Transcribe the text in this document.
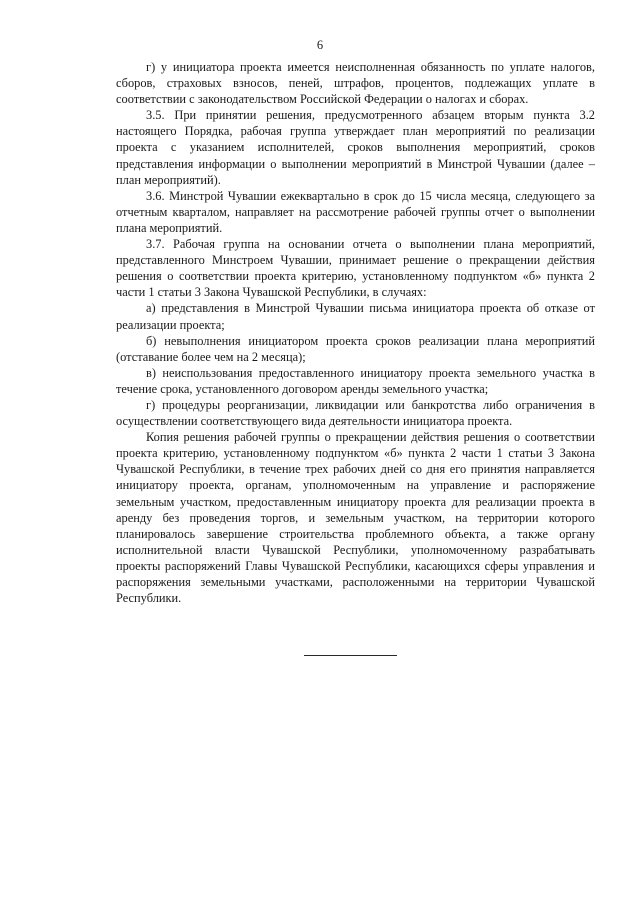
6

г) у инициатора проекта имеется неисполненная обязанность по уплате налогов, сборов, страховых взносов, пеней, штрафов, процентов, подлежащих уплате в соответствии с законодательством Российской Федерации о налогах и сборах.

3.5. При принятии решения, предусмотренного абзацем вторым пункта 3.2 настоящего Порядка, рабочая группа утверждает план мероприятий по реализации проекта с указанием исполнителей, сроков выполнения мероприятий, сроков представления информации о выполнении мероприятий в Минстрой Чувашии (далее – план мероприятий).

3.6. Минстрой Чувашии ежеквартально в срок до 15 числа месяца, следующего за отчетным кварталом, направляет на рассмотрение рабочей группы отчет о выполнении плана мероприятий.

3.7. Рабочая группа на основании отчета о выполнении плана мероприятий, представленного Минстроем Чувашии, принимает решение о прекращении действия решения о соответствии проекта критерию, установленному подпунктом «б» пункта 2 части 1 статьи 3 Закона Чувашской Республики, в случаях:

а) представления в Минстрой Чувашии письма инициатора проекта об отказе от реализации проекта;

б) невыполнения инициатором проекта сроков реализации плана мероприятий (отставание более чем на 2 месяца);

в) неиспользования предоставленного инициатору проекта земельного участка в течение срока, установленного договором аренды земельного участка;

г) процедуры реорганизации, ликвидации или банкротства либо ограничения в осуществлении соответствующего вида деятельности инициатора проекта.

Копия решения рабочей группы о прекращении действия решения о соответствии проекта критерию, установленному подпунктом «б» пункта 2 части 1 статьи 3 Закона Чувашской Республики, в течение трех рабочих дней со дня его принятия направляется инициатору проекта, органам, уполномоченным на управление и распоряжение земельным участком, предоставленным инициатору проекта для реализации проекта в аренду без проведения торгов, и земельным участком, на территории которого планировалось завершение строительства проблемного объекта, а также органу исполнительной власти Чувашской Республики, уполномоченному разрабатывать проекты распоряжений Главы Чувашской Республики, касающихся сферы управления и распоряжения земельными участками, расположенными на территории Чувашской Республики.
